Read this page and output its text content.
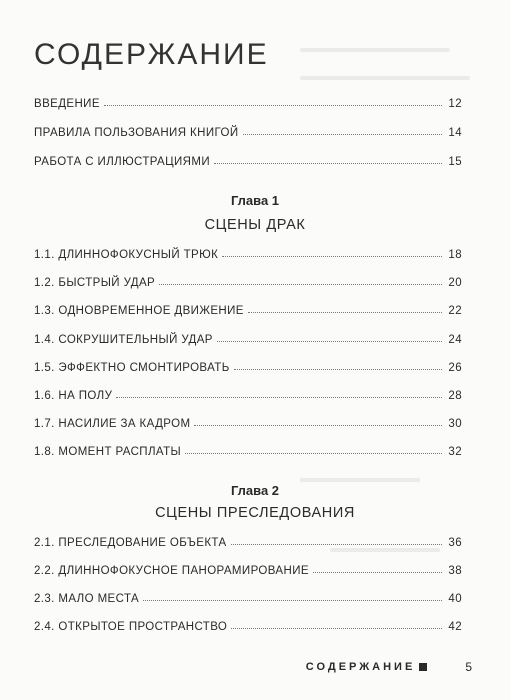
СОДЕРЖАНИЕ
ВВЕДЕНИЕ	12
ПРАВИЛА ПОЛЬЗОВАНИЯ КНИГОЙ	14
РАБОТА С ИЛЛЮСТРАЦИЯМИ	15
Глава 1
СЦЕНЫ ДРАК
1.1. ДЛИННОФОКУСНЫЙ ТРЮК	18
1.2. БЫСТРЫЙ УДАР	20
1.3. ОДНОВРЕМЕННОЕ ДВИЖЕНИЕ	22
1.4. СОКРУШИТЕЛЬНЫЙ УДАР	24
1.5. ЭФФЕКТНО СМОНТИРОВАТЬ	26
1.6. НА ПОЛУ	28
1.7. НАСИЛИЕ ЗА КАДРОМ	30
1.8. МОМЕНТ РАСПЛАТЫ	32
Глава 2
СЦЕНЫ ПРЕСЛЕДОВАНИЯ
2.1. ПРЕСЛЕДОВАНИЕ ОБЪЕКТА	36
2.2. ДЛИННОФОКУСНОЕ ПАНОРАМИРОВАНИЕ	38
2.3. МАЛО МЕСТА	40
2.4. ОТКРЫТОЕ ПРОСТРАНСТВО	42
СОДЕРЖАНИЕ	5
